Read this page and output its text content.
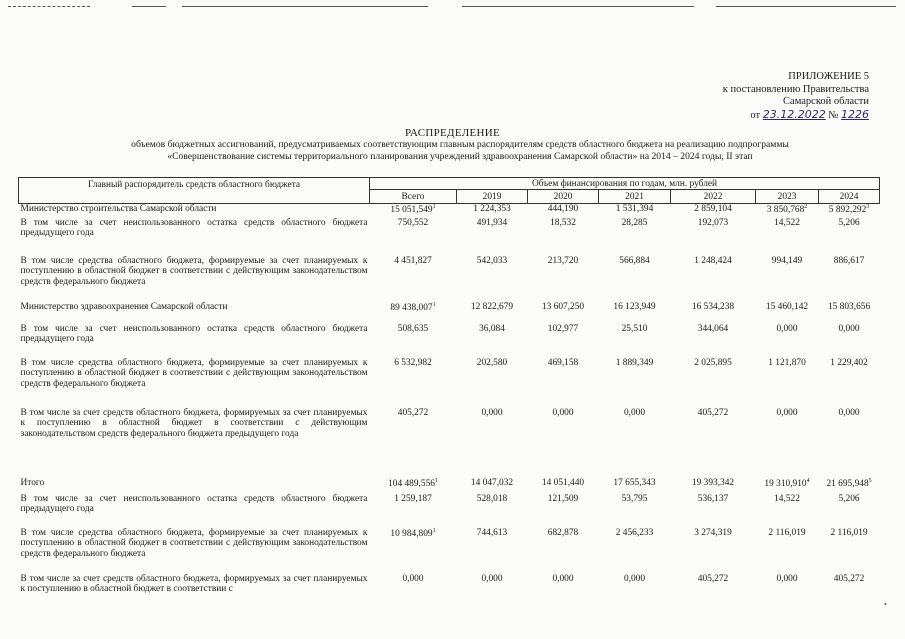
ПРИЛОЖЕНИЕ 5
к постановлению Правительства
Самарской области
от 23.12.2022 № 1226
РАСПРЕДЕЛЕНИЕ
объемов бюджетных ассигнований, предусматриваемых соответствующим главным распорядителям средств областного бюджета на реализацию подпрограммы
«Совершенствование системы территориального планирования учреждений здравоохранения Самарской области» на 2014 – 2024 годы, II этап
Главный распорядитель средств областного бюджета	Объем финансирования по годам, млн. рублей						
	Всего	2019	2020	2021	2022	2023	2024
Министерство строительства Самарской области	15 051,549$^1$	1 224,353	444,190	1 531,394	2 859,104	3 850,768$^2$	5 892,292$^3$
В том числе за счет неиспользованного остатка средств областного бюджета предыдущего года	750,552	491,934	18,532	28,285	192,073	14,522	5,206
В том числе средства областного бюджета, формируемые за счет планируемых к поступлению в областной бюджет в соответствии с действующим законодательством средств федерального бюджета	4 451,827	542,033	213,720	566,884	1 248,424	994,149	886,617
Министерство здравоохранения Самарской области	89 438,007$^1$	12 822,679	13 607,250	16 123,949	16 534,238	15 460,142	15 803,656
В том числе за счет неиспользованного остатка средств областного бюджета предыдущего года	508,635	36,084	102,977	25,510	344,064	0,000	0,000
В том числе средства областного бюджета, формируемые за счет планируемых к поступлению в областной бюджет в соответствии с действующим законодательством средств федерального бюджета	6 532,982	202,580	469,158	1 889,349	2 025,895	1 121,870	1 229,402
В том числе за счет средств областного бюджета, формируемых за счет планируемых к поступлению в областной бюджет в соответствии с действующим законодательством средств федерального бюджета предыдущего года	405,272	0,000	0,000	0,000	405,272	0,000	0,000
Итого	104 489,556$^1$	14 047,032	14 051,440	17 655,343	19 393,342	19 310,910$^4$	21 695,948$^5$
В том числе за счет неиспользованного остатка средств областного бюджета предыдущего года	1 259,187	528,018	121,509	53,795	536,137	14,522	5,206
В том числе средства областного бюджета, формируемые за счет планируемых к поступлению в областной бюджет в соответствии с действующим законодательством средств федерального бюджета	10 984,809$^1$	744,613	682,878	2 456,233	3 274,319	2 116,019	2 116,019
В том числе за счет средств областного бюджета, формируемых за счет планируемых к поступлению в областной бюджет в соответствии с	0,000	0,000	0,000	0,000	405,272	0,000	405,272
•
